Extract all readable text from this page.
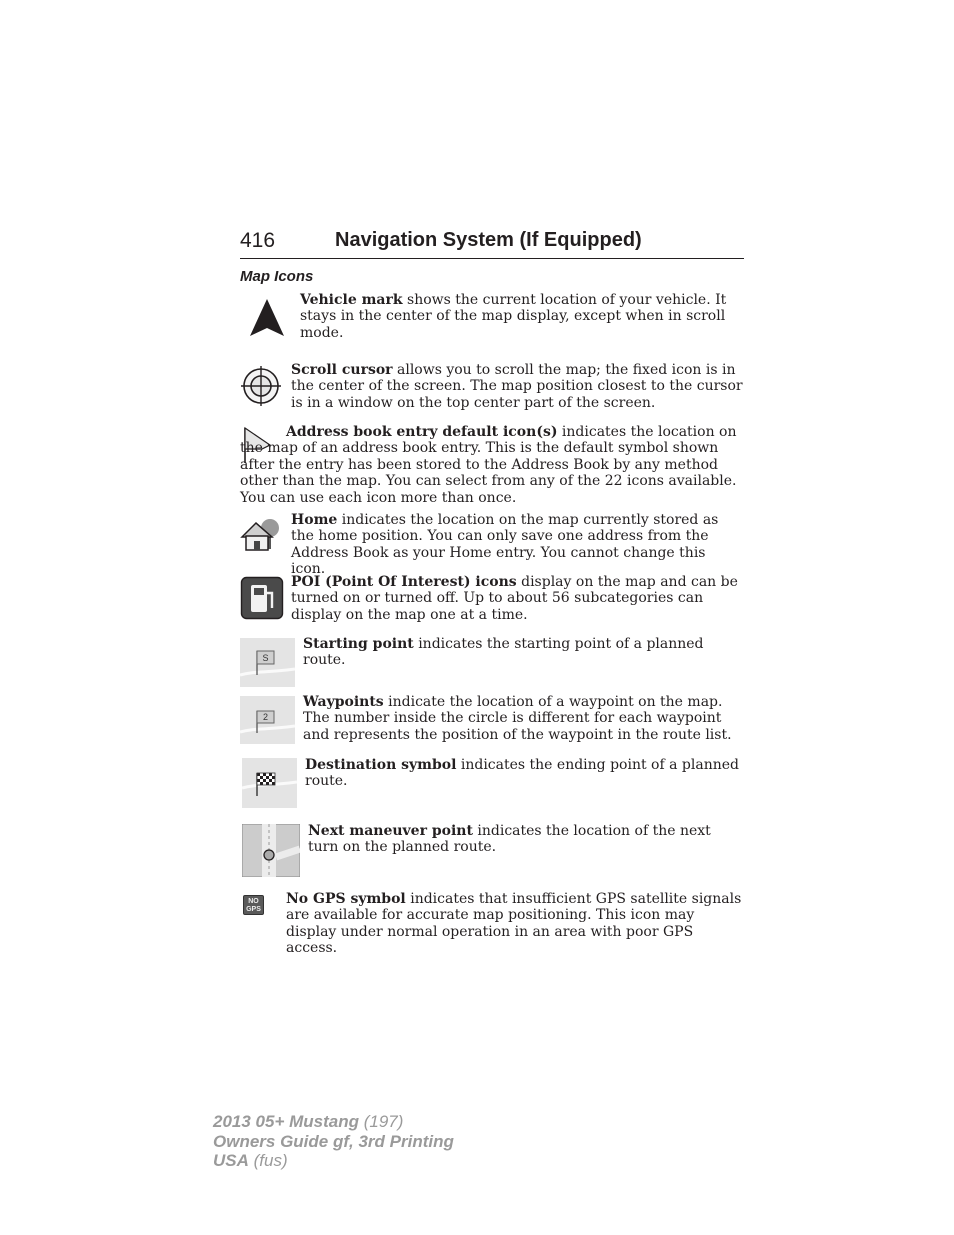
416	Navigation System (If Equipped)
Map Icons
Vehicle mark shows the current location of your vehicle. It stays in the center of the map display, except when in scroll mode.
Scroll cursor allows you to scroll the map; the fixed icon is in the center of the screen. The map position closest to the cursor is in a window on the top center part of the screen.
Address book entry default icon(s) indicates the location on the map of an address book entry. This is the default symbol shown after the entry has been stored to the Address Book by any method other than the map. You can select from any of the 22 icons available. You can use each icon more than once.
Home indicates the location on the map currently stored as the home position. You can only save one address from the Address Book as your Home entry. You cannot change this icon.
POI (Point Of Interest) icons display on the map and can be turned on or turned off. Up to about 56 subcategories can display on the map one at a time.
S
Starting point indicates the starting point of a planned route.
2
Waypoints indicate the location of a waypoint on the map. The number inside the circle is different for each waypoint and represents the position of the waypoint in the route list.
Destination symbol indicates the ending point of a planned route.
Next maneuver point indicates the location of the next turn on the planned route.
NO
GPS
No GPS symbol indicates that insufficient GPS satellite signals are available for accurate map positioning. This icon may display under normal operation in an area with poor GPS access.
2013 05+ Mustang (197)
Owners Guide gf, 3rd Printing
USA (fus)
